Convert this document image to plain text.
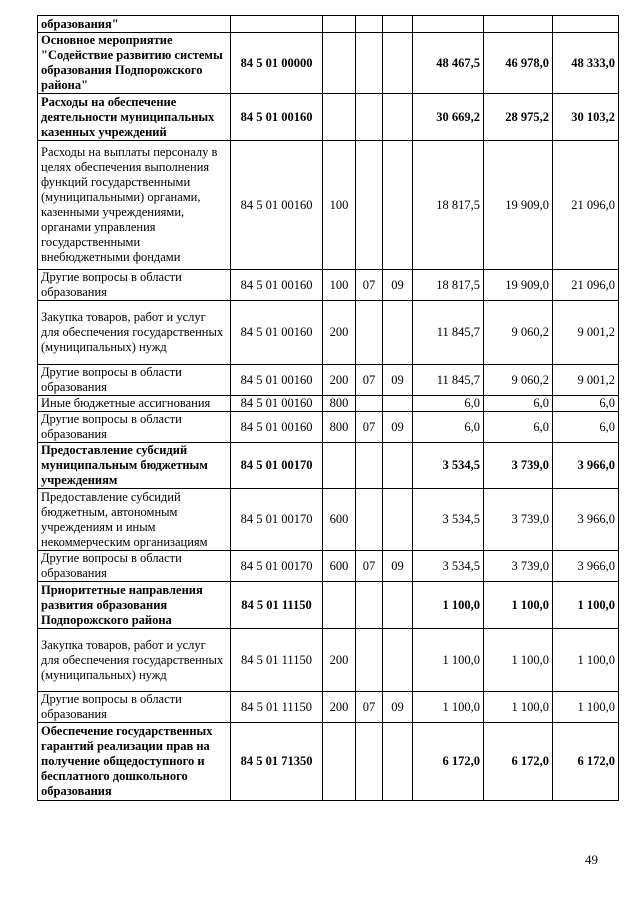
образования"							
Основное мероприятие "Содействие развитию системы образования Подпорожского района"	84 5 01 00000				48 467,5	46 978,0	48 333,0
Расходы на обеспечение деятельности муниципальных казенных учреждений	84 5 01 00160				30 669,2	28 975,2	30 103,2
Расходы на выплаты персоналу в целях обеспечения выполнения функций государственными (муниципальными) органами, казенными учреждениями, органами управления государственными внебюджетными фондами	84 5 01 00160	100			18 817,5	19 909,0	21 096,0
Другие вопросы в области образования	84 5 01 00160	100	07	09	18 817,5	19 909,0	21 096,0
Закупка товаров, работ и услуг для обеспечения государственных (муниципальных) нужд	84 5 01 00160	200			11 845,7	9 060,2	9 001,2
Другие вопросы в области образования	84 5 01 00160	200	07	09	11 845,7	9 060,2	9 001,2
Иные бюджетные ассигнования	84 5 01 00160	800			6,0	6,0	6,0
Другие вопросы в области образования	84 5 01 00160	800	07	09	6,0	6,0	6,0
Предоставление субсидий муниципальным бюджетным учреждениям	84 5 01 00170				3 534,5	3 739,0	3 966,0
Предоставление субсидий бюджетным, автономным учреждениям и иным некоммерческим организациям	84 5 01 00170	600			3 534,5	3 739,0	3 966,0
Другие вопросы в области образования	84 5 01 00170	600	07	09	3 534,5	3 739,0	3 966,0
Приоритетные направления развития образования Подпорожского района	84 5 01 11150				1 100,0	1 100,0	1 100,0
Закупка товаров, работ и услуг для обеспечения государственных (муниципальных) нужд	84 5 01 11150	200			1 100,0	1 100,0	1 100,0
Другие вопросы в области образования	84 5 01 11150	200	07	09	1 100,0	1 100,0	1 100,0
Обеспечение государственных гарантий реализации прав на получение общедоступного и бесплатного дошкольного образования	84 5 01 71350				6 172,0	6 172,0	6 172,0
49
